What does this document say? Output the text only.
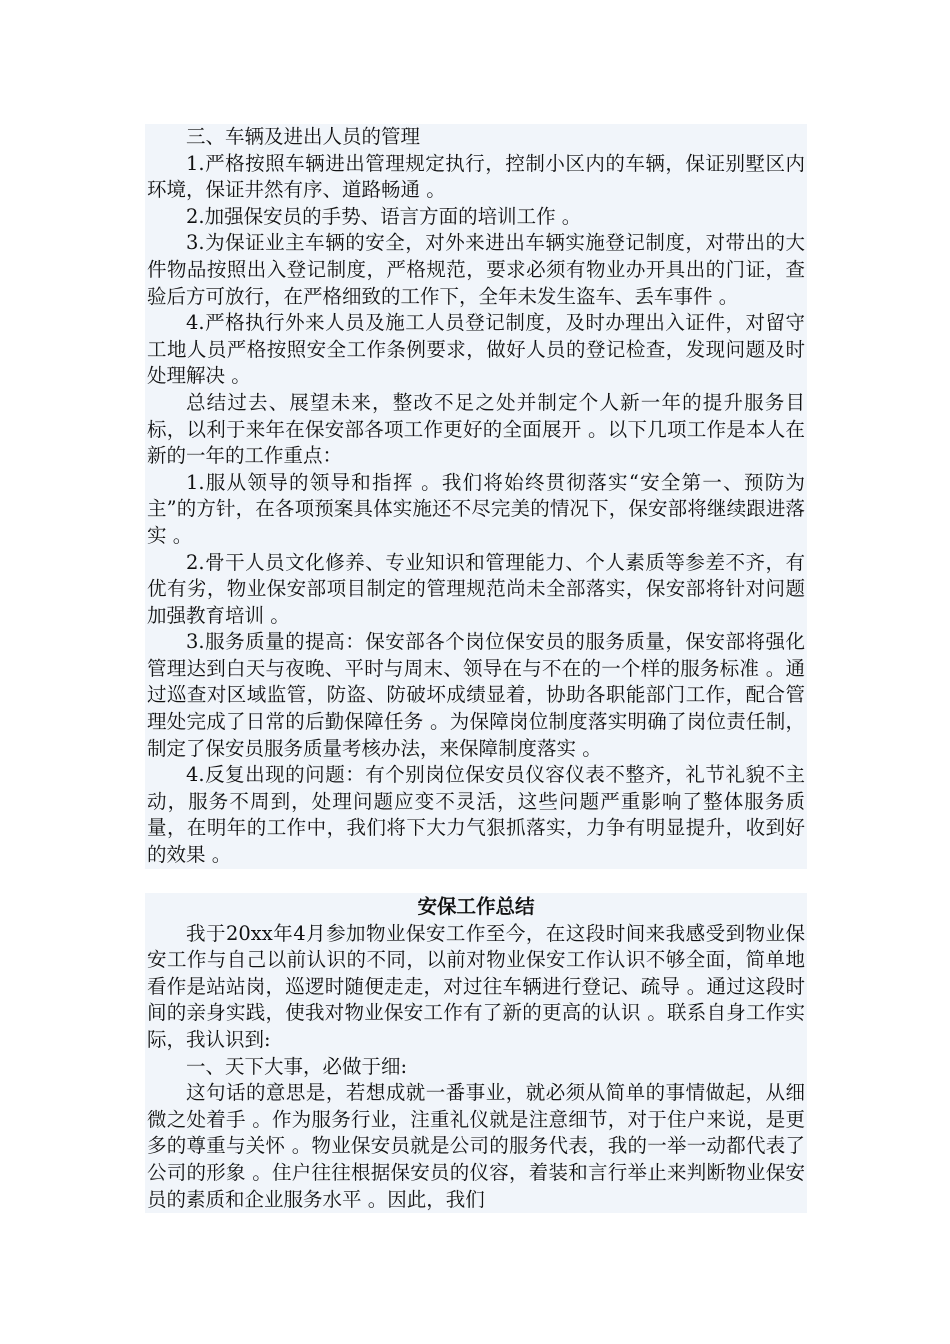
三、车辆及进出人员的管理

1.严格按照车辆进出管理规定执行，控制小区内的车辆，保证别墅区内环境，保证井然有序、道路畅通 。

2.加强保安员的手势、语言方面的培训工作 。

3.为保证业主车辆的安全，对外来进出车辆实施登记制度，对带出的大件物品按照出入登记制度，严格规范，要求必须有物业办开具出的门证，查验后方可放行，在严格细致的工作下，全年未发生盗车、丢车事件 。

4.严格执行外来人员及施工人员登记制度，及时办理出入证件，对留守工地人员严格按照安全工作条例要求，做好人员的登记检查，发现问题及时处理解决 。

总结过去、展望未来，整改不足之处并制定个人新一年的提升服务目标，以利于来年在保安部各项工作更好的全面展开 。以下几项工作是本人在新的一年的工作重点：

1.服从领导的领导和指挥 。我们将始终贯彻落实“安全第一、预防为主”的方针，在各项预案具体实施还不尽完美的情况下，保安部将继续跟进落实 。

2.骨干人员文化修养、专业知识和管理能力、个人素质等参差不齐，有优有劣，物业保安部项目制定的管理规范尚未全部落实，保安部将针对问题加强教育培训 。

3.服务质量的提高：保安部各个岗位保安员的服务质量，保安部将强化管理达到白天与夜晚、平时与周末、领导在与不在的一个样的服务标准 。通过巡查对区域监管，防盗、防破坏成绩显着，协助各职能部门工作，配合管理处完成了日常的后勤保障任务 。为保障岗位制度落实明确了岗位责任制，制定了保安员服务质量考核办法，来保障制度落实 。

4.反复出现的问题：有个别岗位保安员仪容仪表不整齐，礼节礼貌不主动，服务不周到，处理问题应变不灵活，这些问题严重影响了整体服务质量，在明年的工作中，我们将下大力气狠抓落实，力争有明显提升，收到好的效果 。

安保工作总结

我于20xx年4月参加物业保安工作至今，在这段时间来我感受到物业保安工作与自己以前认识的不同，以前对物业保安工作认识不够全面，简单地看作是站站岗，巡逻时随便走走，对过往车辆进行登记、疏导 。通过这段时间的亲身实践，使我对物业保安工作有了新的更高的认识 。联系自身工作实际，我认识到:

一、天下大事，必做于细:

这句话的意思是，若想成就一番事业，就必须从简单的事情做起，从细微之处着手 。作为服务行业，注重礼仪就是注意细节，对于住户来说，是更多的尊重与关怀 。物业保安员就是公司的服务代表，我的一举一动都代表了公司的形象 。住户往往根据保安员的仪容，着装和言行举止来判断物业保安员的素质和企业服务水平 。因此，我们
